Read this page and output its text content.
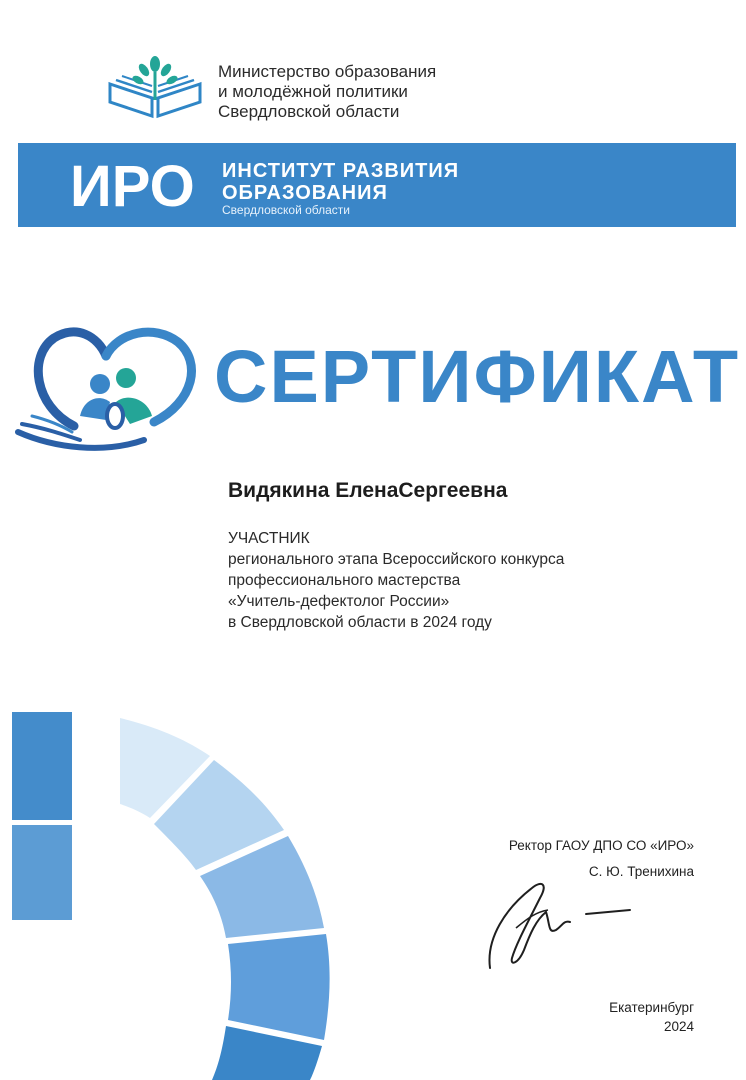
Министерство образования
и молодёжной политики
Свердловской области
ИРО ИНСТИТУТ РАЗВИТИЯ
ОБРАЗОВАНИЯ
Свердловской области
СЕРТИФИКАТ
Видякина ЕленаСергеевна
УЧАСТНИК
регионального этапа Всероссийского конкурса
профессионального мастерства
«Учитель-дефектолог России»
в Свердловской области в 2024 году
Ректор ГАОУ ДПО СО «ИРО»
С. Ю. Тренихина
Екатеринбург
2024
